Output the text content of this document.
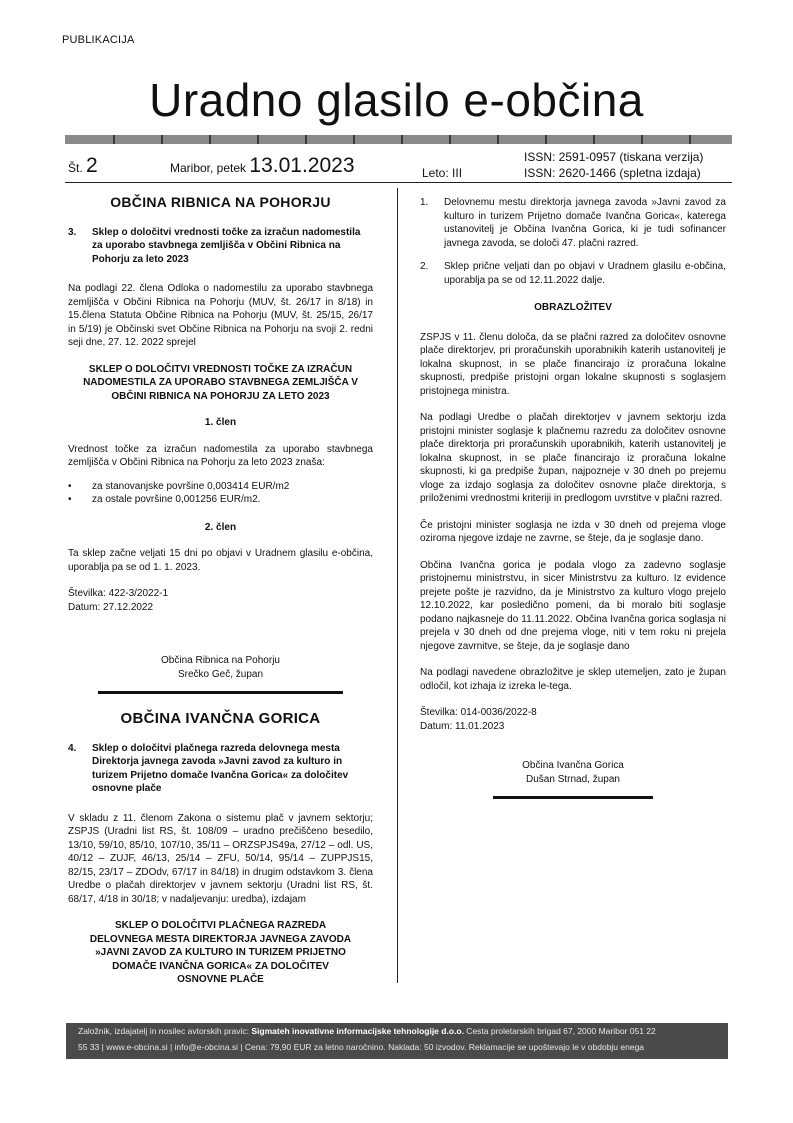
PUBLIKACIJA
Uradno glasilo e-občina
Št. 2	Maribor, petek 13.01.2023	Leto: III
ISSN: 2591-0957 (tiskana verzija)
ISSN: 2620-1466 (spletna izdaja)
OBČINA RIBNICA NA POHORJU
3.	Sklep o določitvi vrednosti točke za izračun nadomestila za uporabo stavbnega zemljišča v Občini Ribnica na Pohorju za leto 2023

Na podlagi 22. člena Odloka o nadomestilu za uporabo stavbnega zemljišča v Občini Ribnica na Pohorju (MUV, št. 26/17 in 8/18) in 15.člena Statuta Občine Ribnica na Pohorju (MUV, št. 25/15, 26/17 in 5/19) je Občinski svet Občine Ribnica na Pohorju na svoji 2. redni seji dne, 27. 12. 2022 sprejel

SKLEP O DOLOČITVI VREDNOSTI TOČKE ZA IZRAČUN NADOMESTILA ZA UPORABO STAVBNEGA ZEMLJIŠČA V OBČINI RIBNICA NA POHORJU ZA LETO 2023

1. člen

Vrednost točke za izračun nadomestila za uporabo stavbnega zemljišča v Občini Ribnica na Pohorju za leto 2023 znaša:

• za stanovanjske površine 0,003414 EUR/m2
• za ostale površine 0,001256 EUR/m2.

2. člen

Ta sklep začne veljati 15 dni po objavi v Uradnem glasilu e-občina, uporablja pa se od 1. 1. 2023.

Številka: 422-3/2022-1

Datum: 27.12.2022

Občina Ribnica na Pohorju
Srečko Geč, župan
OBČINA IVANČNA GORICA
4.	Sklep o določitvi plačnega razreda delovnega mesta Direktorja javnega zavoda »Javni zavod za kulturo in turizem Prijetno domače Ivančna Gorica« za določitev osnovne plače

V skladu z 11. členom Zakona o sistemu plač v javnem sektorju; ZSPJS (Uradni list RS, št. 108/09 – uradno prečiščeno besedilo, 13/10, 59/10, 85/10, 107/10, 35/11 – ORZSPJS49a, 27/12 – odl. US, 40/12 – ZUJF, 46/13, 25/14 – ZFU, 50/14, 95/14 – ZUPPJS15, 82/15, 23/17 – ZDOdv, 67/17 in 84/18) in drugim odstavkom 3. člena Uredbe o plačah direktorjev v javnem sektorju (Uradni list RS, št. 68/17, 4/18 in 30/18; v nadaljevanju: uredba), izdajam

SKLEP O DOLOČITVI PLAČNEGA RAZREDA DELOVNEGA MESTA DIREKTORJA JAVNEGA ZAVODA »JAVNI ZAVOD ZA KULTURO IN TURIZEM PRIJETNO DOMAČE IVANČNA GORICA« ZA DOLOČITEV OSNOVNE PLAČE

1.	Delovnemu mestu direktorja javnega zavoda »Javni zavod za kulturo in turizem Prijetno domače Ivančna Gorica«, katerega ustanovitelj je Občina Ivančna Gorica, ki je tudi sofinancer javnega zavoda, se določi 47. plačni razred.
2.	Sklep prične veljati dan po objavi v Uradnem glasilu e-občina, uporablja pa se od 12.11.2022 dalje.

OBRAZLOŽITEV

ZSPJS v 11. členu določa, da se plačni razred za določitev osnovne plače direktorjev, pri proračunskih uporabnikih katerih ustanovitelj je lokalna skupnost, in se plače financirajo iz proračuna lokalne skupnosti, predpiše pristojni organ lokalne skupnosti s soglasjem pristojnega ministra.

Na podlagi Uredbe o plačah direktorjev v javnem sektorju izda pristojni minister soglasje k plačnemu razredu za določitev osnovne plače direktorja pri proračunskih uporabnikih, katerih ustanovitelj je lokalna skupnost, in se plače financirajo iz proračuna lokalne skupnosti, ki ga predpiše župan, najpozneje v 30 dneh po prejemu vloge za izdajo soglasja za določitev osnovne plače direktorja, s priloženimi vrednostmi kriteriji in predlogom uvrstitve v plačni razred.

Če pristojni minister soglasja ne izda v 30 dneh od prejema vloge oziroma njegove izdaje ne zavrne, se šteje, da je soglasje dano.

Občina Ivančna gorica je podala vlogo za zadevno soglasje pristojnemu ministrstvu, in sicer Ministrstvu za kulturo. Iz evidence prejete pošte je razvidno, da je Ministrstvo za kulturo vlogo prejelo 12.10.2022, kar posledično pomeni, da bi moralo biti soglasje podano najkasneje do 11.11.2022. Občina Ivančna gorica soglasja ni prejela v 30 dneh od dne prejema vloge, niti v tem roku ni prejela njegove zavrnitve, se šteje, da je soglasje dano

Na podlagi navedene obrazložitve je sklep utemeljen, zato je župan odločil, kot izhaja iz izreka le-tega.

Številka: 014-0036/2022-8

Datum: 11.01.2023

Občina Ivančna Gorica
Dušan Strnad, župan
Založnik, izdajatelj in nosilec avtorskih pravic: Sigmateh inovativne informacijske tehnologije d.o.o. Cesta proletarskih brigad 67, 2000 Maribor 051 22
55 33 | www.e-obcina.si | info@e-obcina.si | Cena: 79,90 EUR za letno naročnino. Naklada: 50 izvodov. Reklamacije se upoštevajo le v obdobju enega
